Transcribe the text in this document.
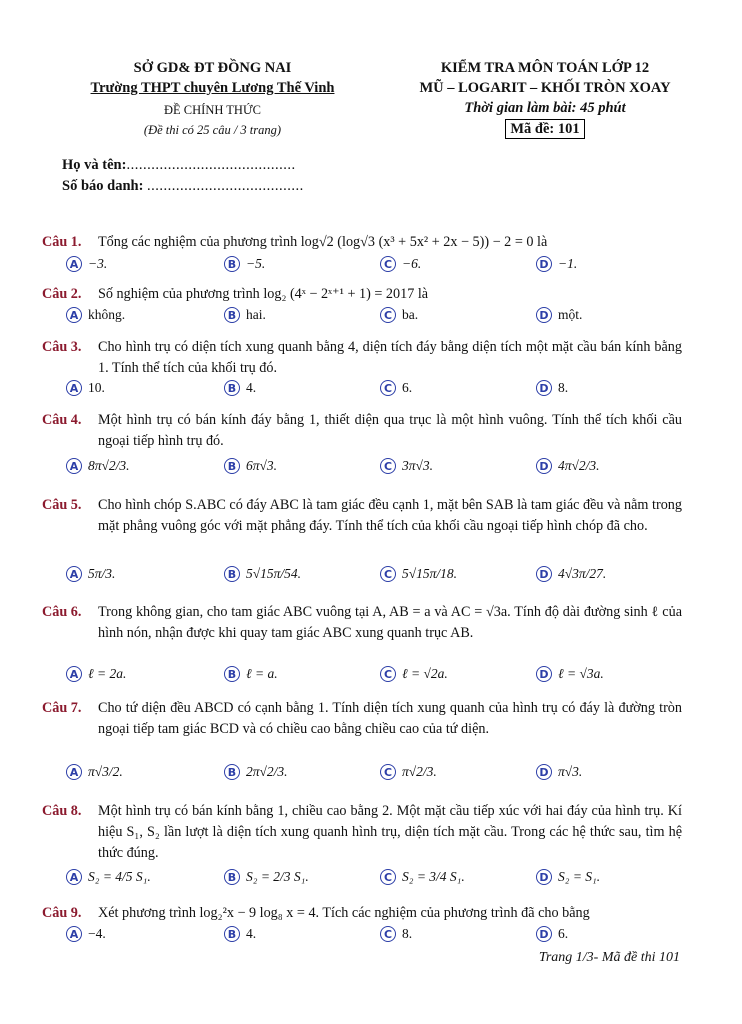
SỞ GD& ĐT ĐỒNG NAI
Trường THPT chuyên Lương Thế Vinh
ĐỀ CHÍNH THỨC
(Đề thi có 25 câu / 3 trang)
KIỂM TRA MÔN TOÁN LỚP 12
MŨ – LOGARIT – KHỐI TRÒN XOAY
Thời gian làm bài: 45 phút
Mã đề: 101
Họ và tên:.........................................
Số báo danh: ......................................
Câu 1. Tổng các nghiệm của phương trình log√2 (log√3 (x³ + 5x² + 2x − 5)) − 2 = 0 là
A −3.	B −5.	C −6.	D −1.
Câu 2. Số nghiệm của phương trình log₂ (4ˣ − 2ˣ⁺¹ + 1) = 2017 là
A không.	B hai.	C ba.	D một.
Câu 3. Cho hình trụ có diện tích xung quanh bằng 4, diện tích đáy bằng diện tích một mặt cầu bán kính bằng 1. Tính thể tích của khối trụ đó.
A 10.	B 4.	C 6.	D 8.
Câu 4. Một hình trụ có bán kính đáy bằng 1, thiết diện qua trục là một hình vuông. Tính thể tích khối cầu ngoại tiếp hình trụ đó.
A 8π√2/3.	B 6π√3.	C 3π√3.	D 4π√2/3.
Câu 5. Cho hình chóp S.ABC có đáy ABC là tam giác đều cạnh 1, mặt bên SAB là tam giác đều và nằm trong mặt phẳng vuông góc với mặt phẳng đáy. Tính thể tích của khối cầu ngoại tiếp hình chóp đã cho.
A 5π/3.	B 5√15π/54.	C 5√15π/18.	D 4√3π/27.
Câu 6. Trong không gian, cho tam giác ABC vuông tại A, AB = a và AC = √3a. Tính độ dài đường sinh ℓ của hình nón, nhận được khi quay tam giác ABC xung quanh trục AB.
A ℓ = 2a.	B ℓ = a.	C ℓ = √2a.	D ℓ = √3a.
Câu 7. Cho tứ diện đều ABCD có cạnh bằng 1. Tính diện tích xung quanh của hình trụ có đáy là đường tròn ngoại tiếp tam giác BCD và có chiều cao bằng chiều cao của tứ diện.
A π√3/2.	B 2π√2/3.	C π√2/3.	D π√3.
Câu 8. Một hình trụ có bán kính bằng 1, chiều cao bằng 2. Một mặt cầu tiếp xúc với hai đáy của hình trụ. Kí hiệu S₁, S₂ lần lượt là diện tích xung quanh hình trụ, diện tích mặt cầu. Trong các hệ thức sau, tìm hệ thức đúng.
A S₂ = 4/5 S₁.	B S₂ = 2/3 S₁.	C S₂ = 3/4 S₁.	D S₂ = S₁.
Câu 9. Xét phương trình log₂²x − 9 log₈ x = 4. Tích các nghiệm của phương trình đã cho bằng
A −4.	B 4.	C 8.	D 6.
Trang 1/3- Mã đề thi 101
